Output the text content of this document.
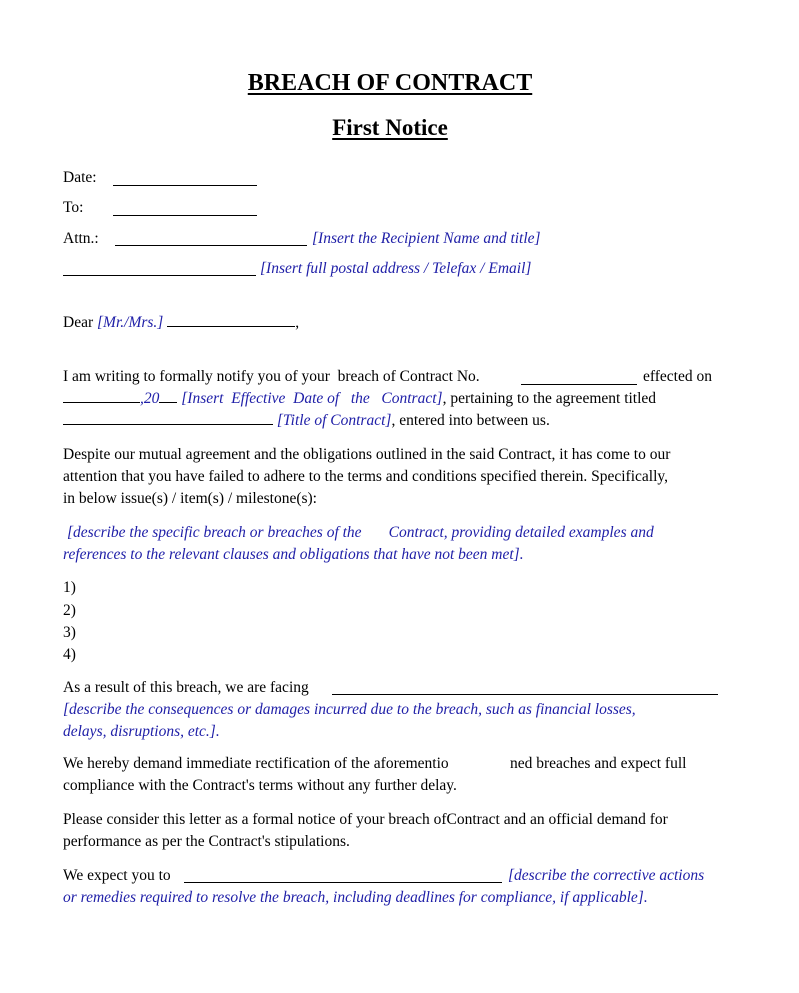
BREACH OF CONTRACT
First Notice
Date:
To:
Attn.:	[Insert the Recipient Name and title]
[Insert full postal address / Telefax / Email]
Dear [Mr./Mrs.]	,
I am writing to formally notify you of your  breach of Contract No.	effected on
,20 [Insert  Effective  Date of   the   Contract], pertaining to the agreement titled
[Title of Contract], entered into between us.
Despite our mutual agreement and the obligations outlined in the said Contract, it has come to our
attention that you have failed to adhere to the terms and conditions specified therein. Specifically,
in below issue(s) / item(s) / milestone(s):
[describe the specific breach or breaches of the       Contract, providing detailed examples and
references to the relevant clauses and obligations that have not been met].
1)
2)
3)
4)
As a result of this breach, we are facing
[describe the consequences or damages incurred due to the breach, such as financial losses,
delays, disruptions, etc.].
We hereby demand immediate rectification of the aforementio	ned breaches and expect full
compliance with the Contract's terms without any further delay.
Please consider this letter as a formal notice of your breach ofContract and an official demand for
performance as per the Contract's stipulations.
We expect you to	[describe the corrective actions
or remedies required to resolve the breach, including deadlines for compliance, if applicable].
